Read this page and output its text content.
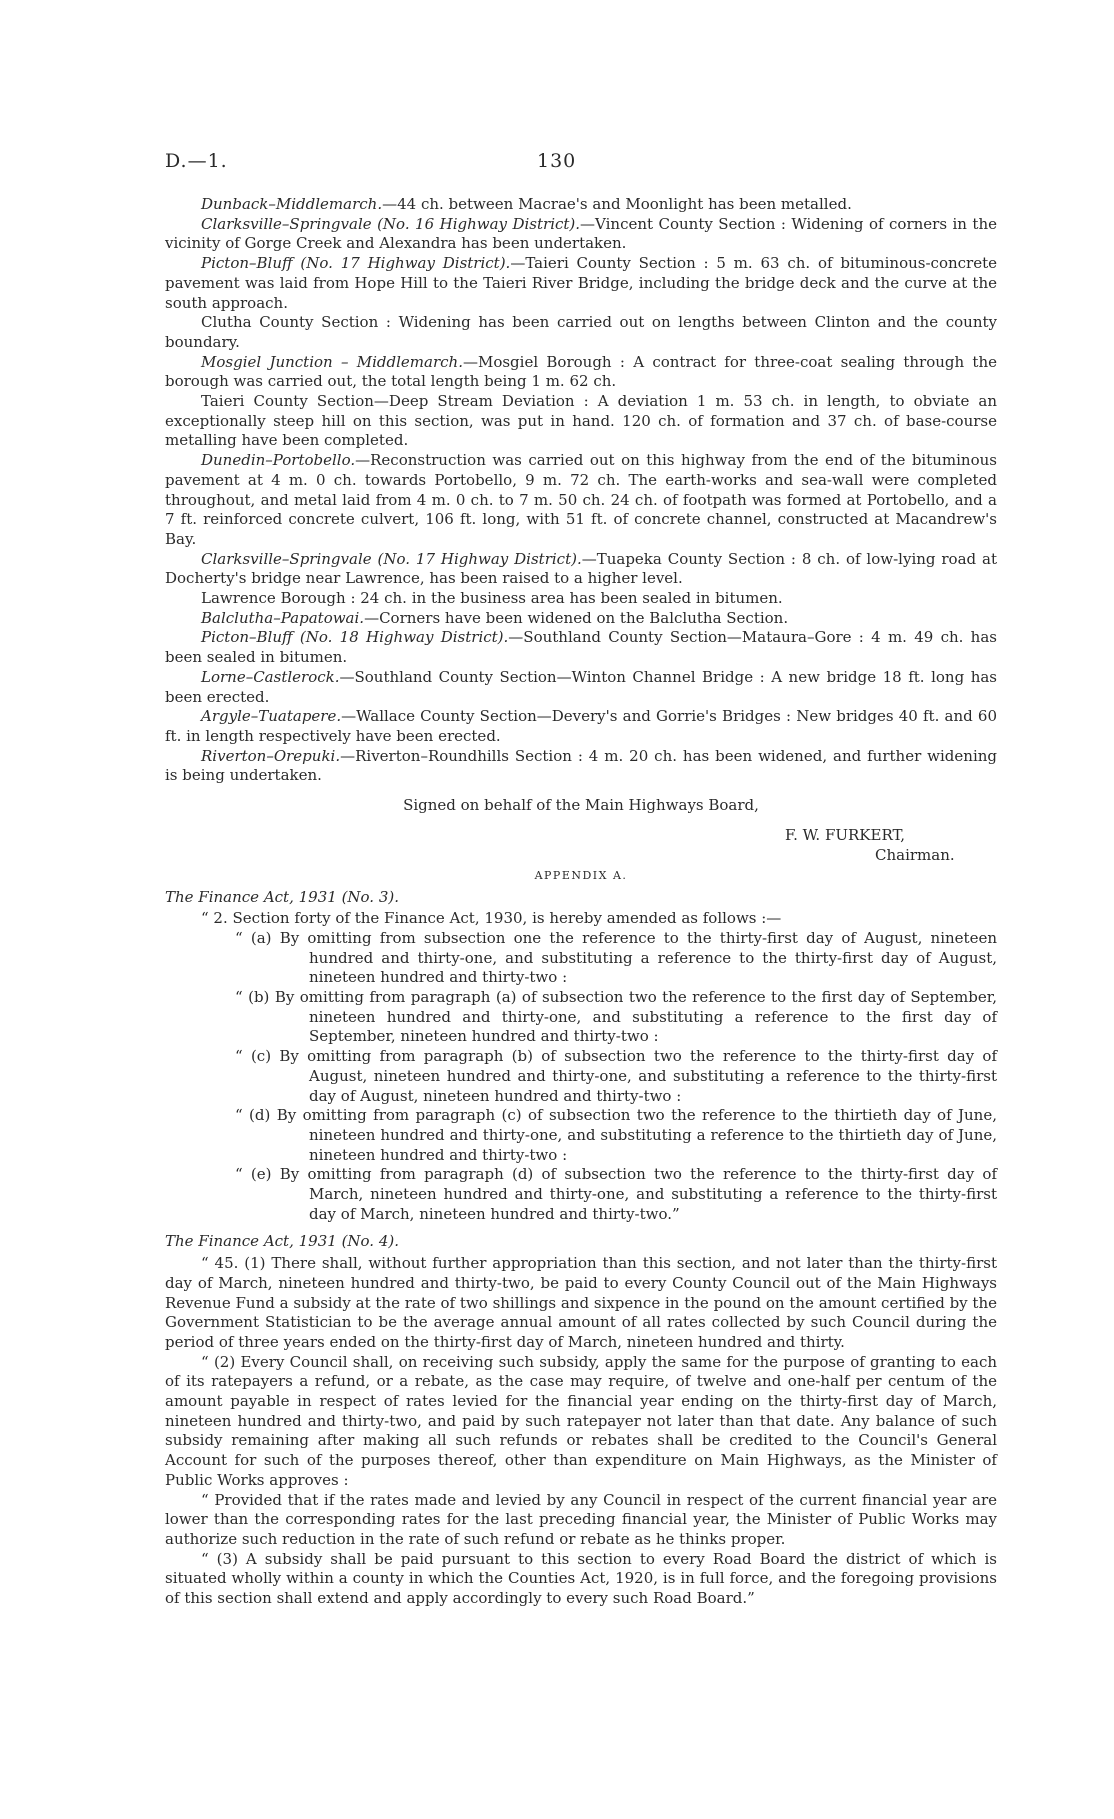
D.—1.	130

Dunback–Middlemarch.—44 ch. between Macrae's and Moonlight has been metalled.

Clarksville–Springvale (No. 16 Highway District).—Vincent County Section : Widening of corners in the vicinity of Gorge Creek and Alexandra has been undertaken.

Picton–Bluff (No. 17 Highway District).—Taieri County Section : 5 m. 63 ch. of bituminous-concrete pavement was laid from Hope Hill to the Taieri River Bridge, including the bridge deck and the curve at the south approach.

Clutha County Section : Widening has been carried out on lengths between Clinton and the county boundary.

Mosgiel Junction – Middlemarch.—Mosgiel Borough : A contract for three-coat sealing through the borough was carried out, the total length being 1 m. 62 ch.

Taieri County Section—Deep Stream Deviation : A deviation 1 m. 53 ch. in length, to obviate an exceptionally steep hill on this section, was put in hand. 120 ch. of formation and 37 ch. of base-course metalling have been completed.

Dunedin–Portobello.—Reconstruction was carried out on this highway from the end of the bituminous pavement at 4 m. 0 ch. towards Portobello, 9 m. 72 ch. The earth-works and sea-wall were completed throughout, and metal laid from 4 m. 0 ch. to 7 m. 50 ch. 24 ch. of footpath was formed at Portobello, and a 7 ft. reinforced concrete culvert, 106 ft. long, with 51 ft. of concrete channel, constructed at Macandrew's Bay.

Clarksville–Springvale (No. 17 Highway District).—Tuapeka County Section : 8 ch. of low-lying road at Docherty's bridge near Lawrence, has been raised to a higher level.

Lawrence Borough : 24 ch. in the business area has been sealed in bitumen.

Balclutha–Papatowai.—Corners have been widened on the Balclutha Section.

Picton–Bluff (No. 18 Highway District).—Southland County Section—Mataura–Gore : 4 m. 49 ch. has been sealed in bitumen.

Lorne–Castlerock.—Southland County Section—Winton Channel Bridge : A new bridge 18 ft. long has been erected.

Argyle–Tuatapere.—Wallace County Section—Devery's and Gorrie's Bridges : New bridges 40 ft. and 60 ft. in length respectively have been erected.

Riverton–Orepuki.—Riverton–Roundhills Section : 4 m. 20 ch. has been widened, and further widening is being undertaken.

Signed on behalf of the Main Highways Board,

F. W. FURKERT,
Chairman.
APPENDIX A.

The Finance Act, 1931 (No. 3).

“ 2. Section forty of the Finance Act, 1930, is hereby amended as follows :—

“ (a) By omitting from subsection one the reference to the thirty-first day of August, nineteen hundred and thirty-one, and substituting a reference to the thirty-first day of August, nineteen hundred and thirty-two :

“ (b) By omitting from paragraph (a) of subsection two the reference to the first day of September, nineteen hundred and thirty-one, and substituting a reference to the first day of September, nineteen hundred and thirty-two :

“ (c) By omitting from paragraph (b) of subsection two the reference to the thirty-first day of August, nineteen hundred and thirty-one, and substituting a reference to the thirty-first day of August, nineteen hundred and thirty-two :

“ (d) By omitting from paragraph (c) of subsection two the reference to the thirtieth day of June, nineteen hundred and thirty-one, and substituting a reference to the thirtieth day of June, nineteen hundred and thirty-two :

“ (e) By omitting from paragraph (d) of subsection two the reference to the thirty-first day of March, nineteen hundred and thirty-one, and substituting a reference to the thirty-first day of March, nineteen hundred and thirty-two.”

The Finance Act, 1931 (No. 4).

“ 45. (1) There shall, without further appropriation than this section, and not later than the thirty-first day of March, nineteen hundred and thirty-two, be paid to every County Council out of the Main Highways Revenue Fund a subsidy at the rate of two shillings and sixpence in the pound on the amount certified by the Government Statistician to be the average annual amount of all rates collected by such Council during the period of three years ended on the thirty-first day of March, nineteen hundred and thirty.

“ (2) Every Council shall, on receiving such subsidy, apply the same for the purpose of granting to each of its ratepayers a refund, or a rebate, as the case may require, of twelve and one-half per centum of the amount payable in respect of rates levied for the financial year ending on the thirty-first day of March, nineteen hundred and thirty-two, and paid by such ratepayer not later than that date. Any balance of such subsidy remaining after making all such refunds or rebates shall be credited to the Council's General Account for such of the purposes thereof, other than expenditure on Main Highways, as the Minister of Public Works approves :

“ Provided that if the rates made and levied by any Council in respect of the current financial year are lower than the corresponding rates for the last preceding financial year, the Minister of Public Works may authorize such reduction in the rate of such refund or rebate as he thinks proper.

“ (3) A subsidy shall be paid pursuant to this section to every Road Board the district of which is situated wholly within a county in which the Counties Act, 1920, is in full force, and the foregoing provisions of this section shall extend and apply accordingly to every such Road Board.”
